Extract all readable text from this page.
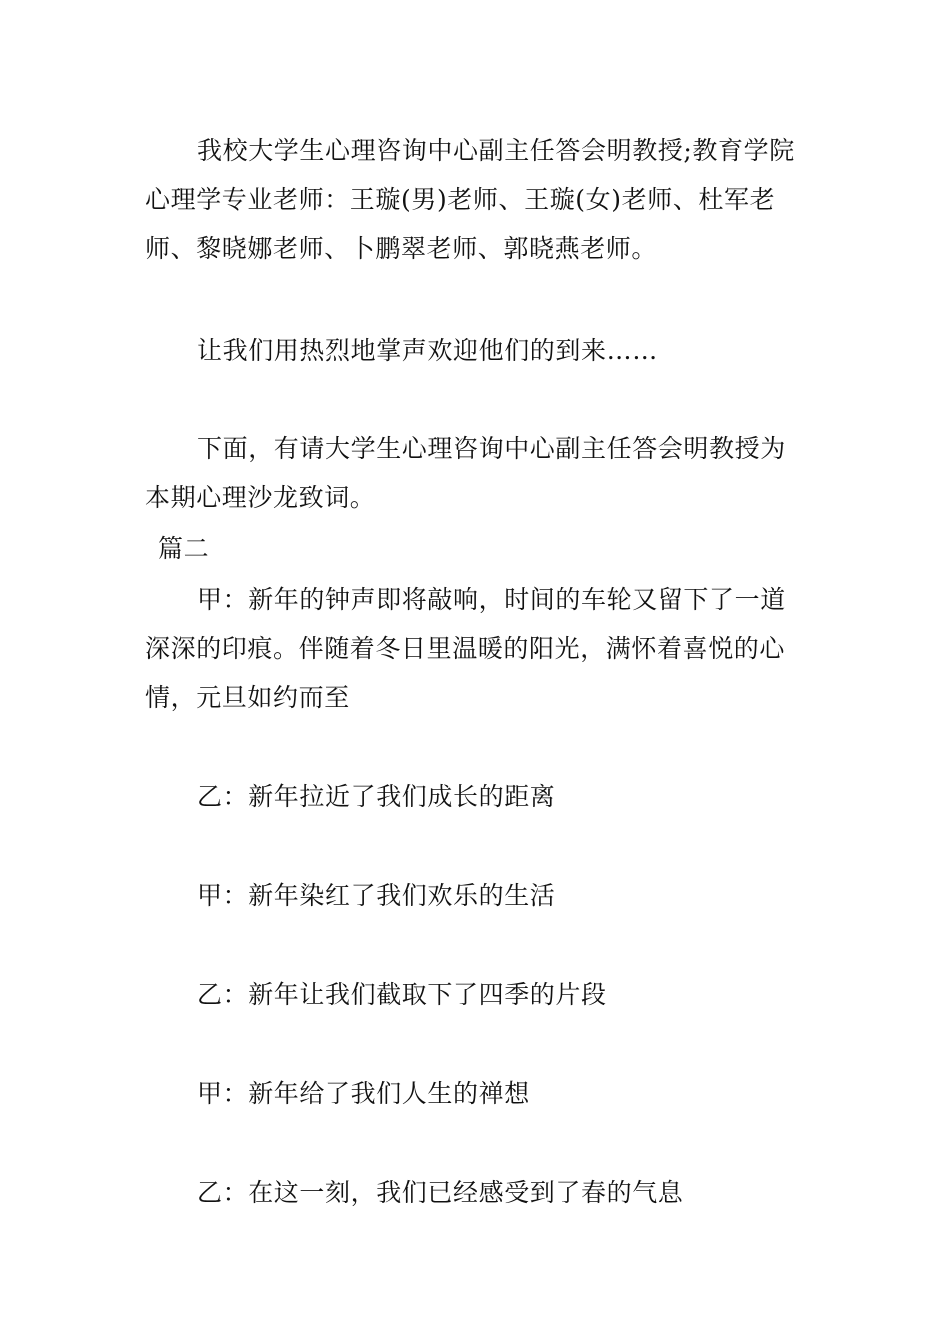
我校大学生心理咨询中心副主任答会明教授;教育学院心理学专业老师：王璇(男)老师、王璇(女)老师、杜军老师、黎晓娜老师、卜鹏翠老师、郭晓燕老师。

让我们用热烈地掌声欢迎他们的到来……

下面，有请大学生心理咨询中心副主任答会明教授为本期心理沙龙致词。

篇二

甲：新年的钟声即将敲响，时间的车轮又留下了一道深深的印痕。伴随着冬日里温暖的阳光，满怀着喜悦的心情，元旦如约而至

乙：新年拉近了我们成长的距离

甲：新年染红了我们欢乐的生活

乙：新年让我们截取下了四季的片段

甲：新年给了我们人生的禅想

乙：在这一刻，我们已经感受到了春的气息
